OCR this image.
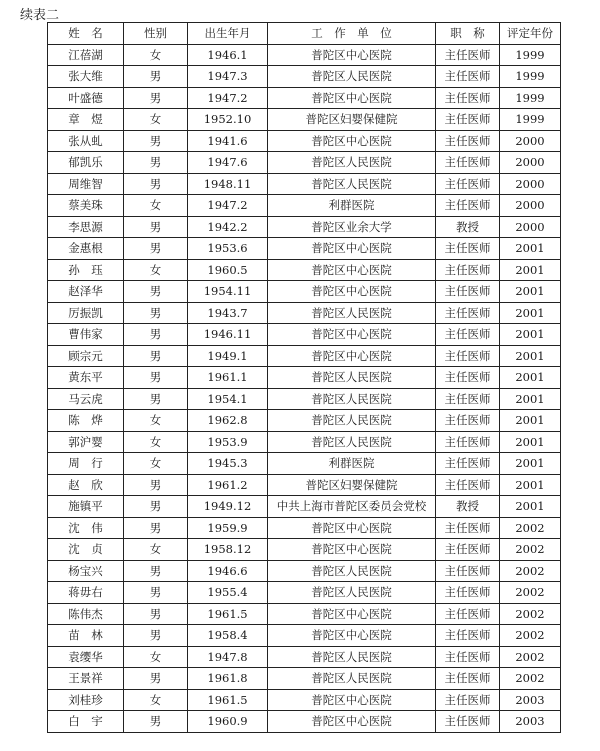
续表二
姓　名	性别	出生年月	工　作　单　位	职　称	评定年份
江蓓湖	女	1946.1	普陀区中心医院	主任医师	1999
张大维	男	1947.3	普陀区人民医院	主任医师	1999
叶盛德	男	1947.2	普陀区中心医院	主任医师	1999
章　煜	女	1952.10	普陀区妇婴保健院	主任医师	1999
张从虬	男	1941.6	普陀区中心医院	主任医师	2000
郁凯乐	男	1947.6	普陀区人民医院	主任医师	2000
周维智	男	1948.11	普陀区人民医院	主任医师	2000
蔡美珠	女	1947.2	利群医院	主任医师	2000
李思源	男	1942.2	普陀区业余大学	教授	2000
金惠根	男	1953.6	普陀区中心医院	主任医师	2001
孙　珏	女	1960.5	普陀区中心医院	主任医师	2001
赵泽华	男	1954.11	普陀区中心医院	主任医师	2001
厉振凯	男	1943.7	普陀区人民医院	主任医师	2001
曹伟家	男	1946.11	普陀区中心医院	主任医师	2001
顾宗元	男	1949.1	普陀区中心医院	主任医师	2001
黄东平	男	1961.1	普陀区人民医院	主任医师	2001
马云虎	男	1954.1	普陀区人民医院	主任医师	2001
陈　烨	女	1962.8	普陀区人民医院	主任医师	2001
郭沪婴	女	1953.9	普陀区人民医院	主任医师	2001
周　行	女	1945.3	利群医院	主任医师	2001
赵　欣	男	1961.2	普陀区妇婴保健院	主任医师	2001
施镇平	男	1949.12	中共上海市普陀区委员会党校	教授	2001
沈　伟	男	1959.9	普陀区中心医院	主任医师	2002
沈　贞	女	1958.12	普陀区中心医院	主任医师	2002
杨宝兴	男	1946.6	普陀区人民医院	主任医师	2002
蒋毋右	男	1955.4	普陀区人民医院	主任医师	2002
陈伟杰	男	1961.5	普陀区中心医院	主任医师	2002
苗　林	男	1958.4	普陀区中心医院	主任医师	2002
袁缨华	女	1947.8	普陀区人民医院	主任医师	2002
王景祥	男	1961.8	普陀区人民医院	主任医师	2002
刘桂珍	女	1961.5	普陀区中心医院	主任医师	2003
白　宇	男	1960.9	普陀区中心医院	主任医师	2003
